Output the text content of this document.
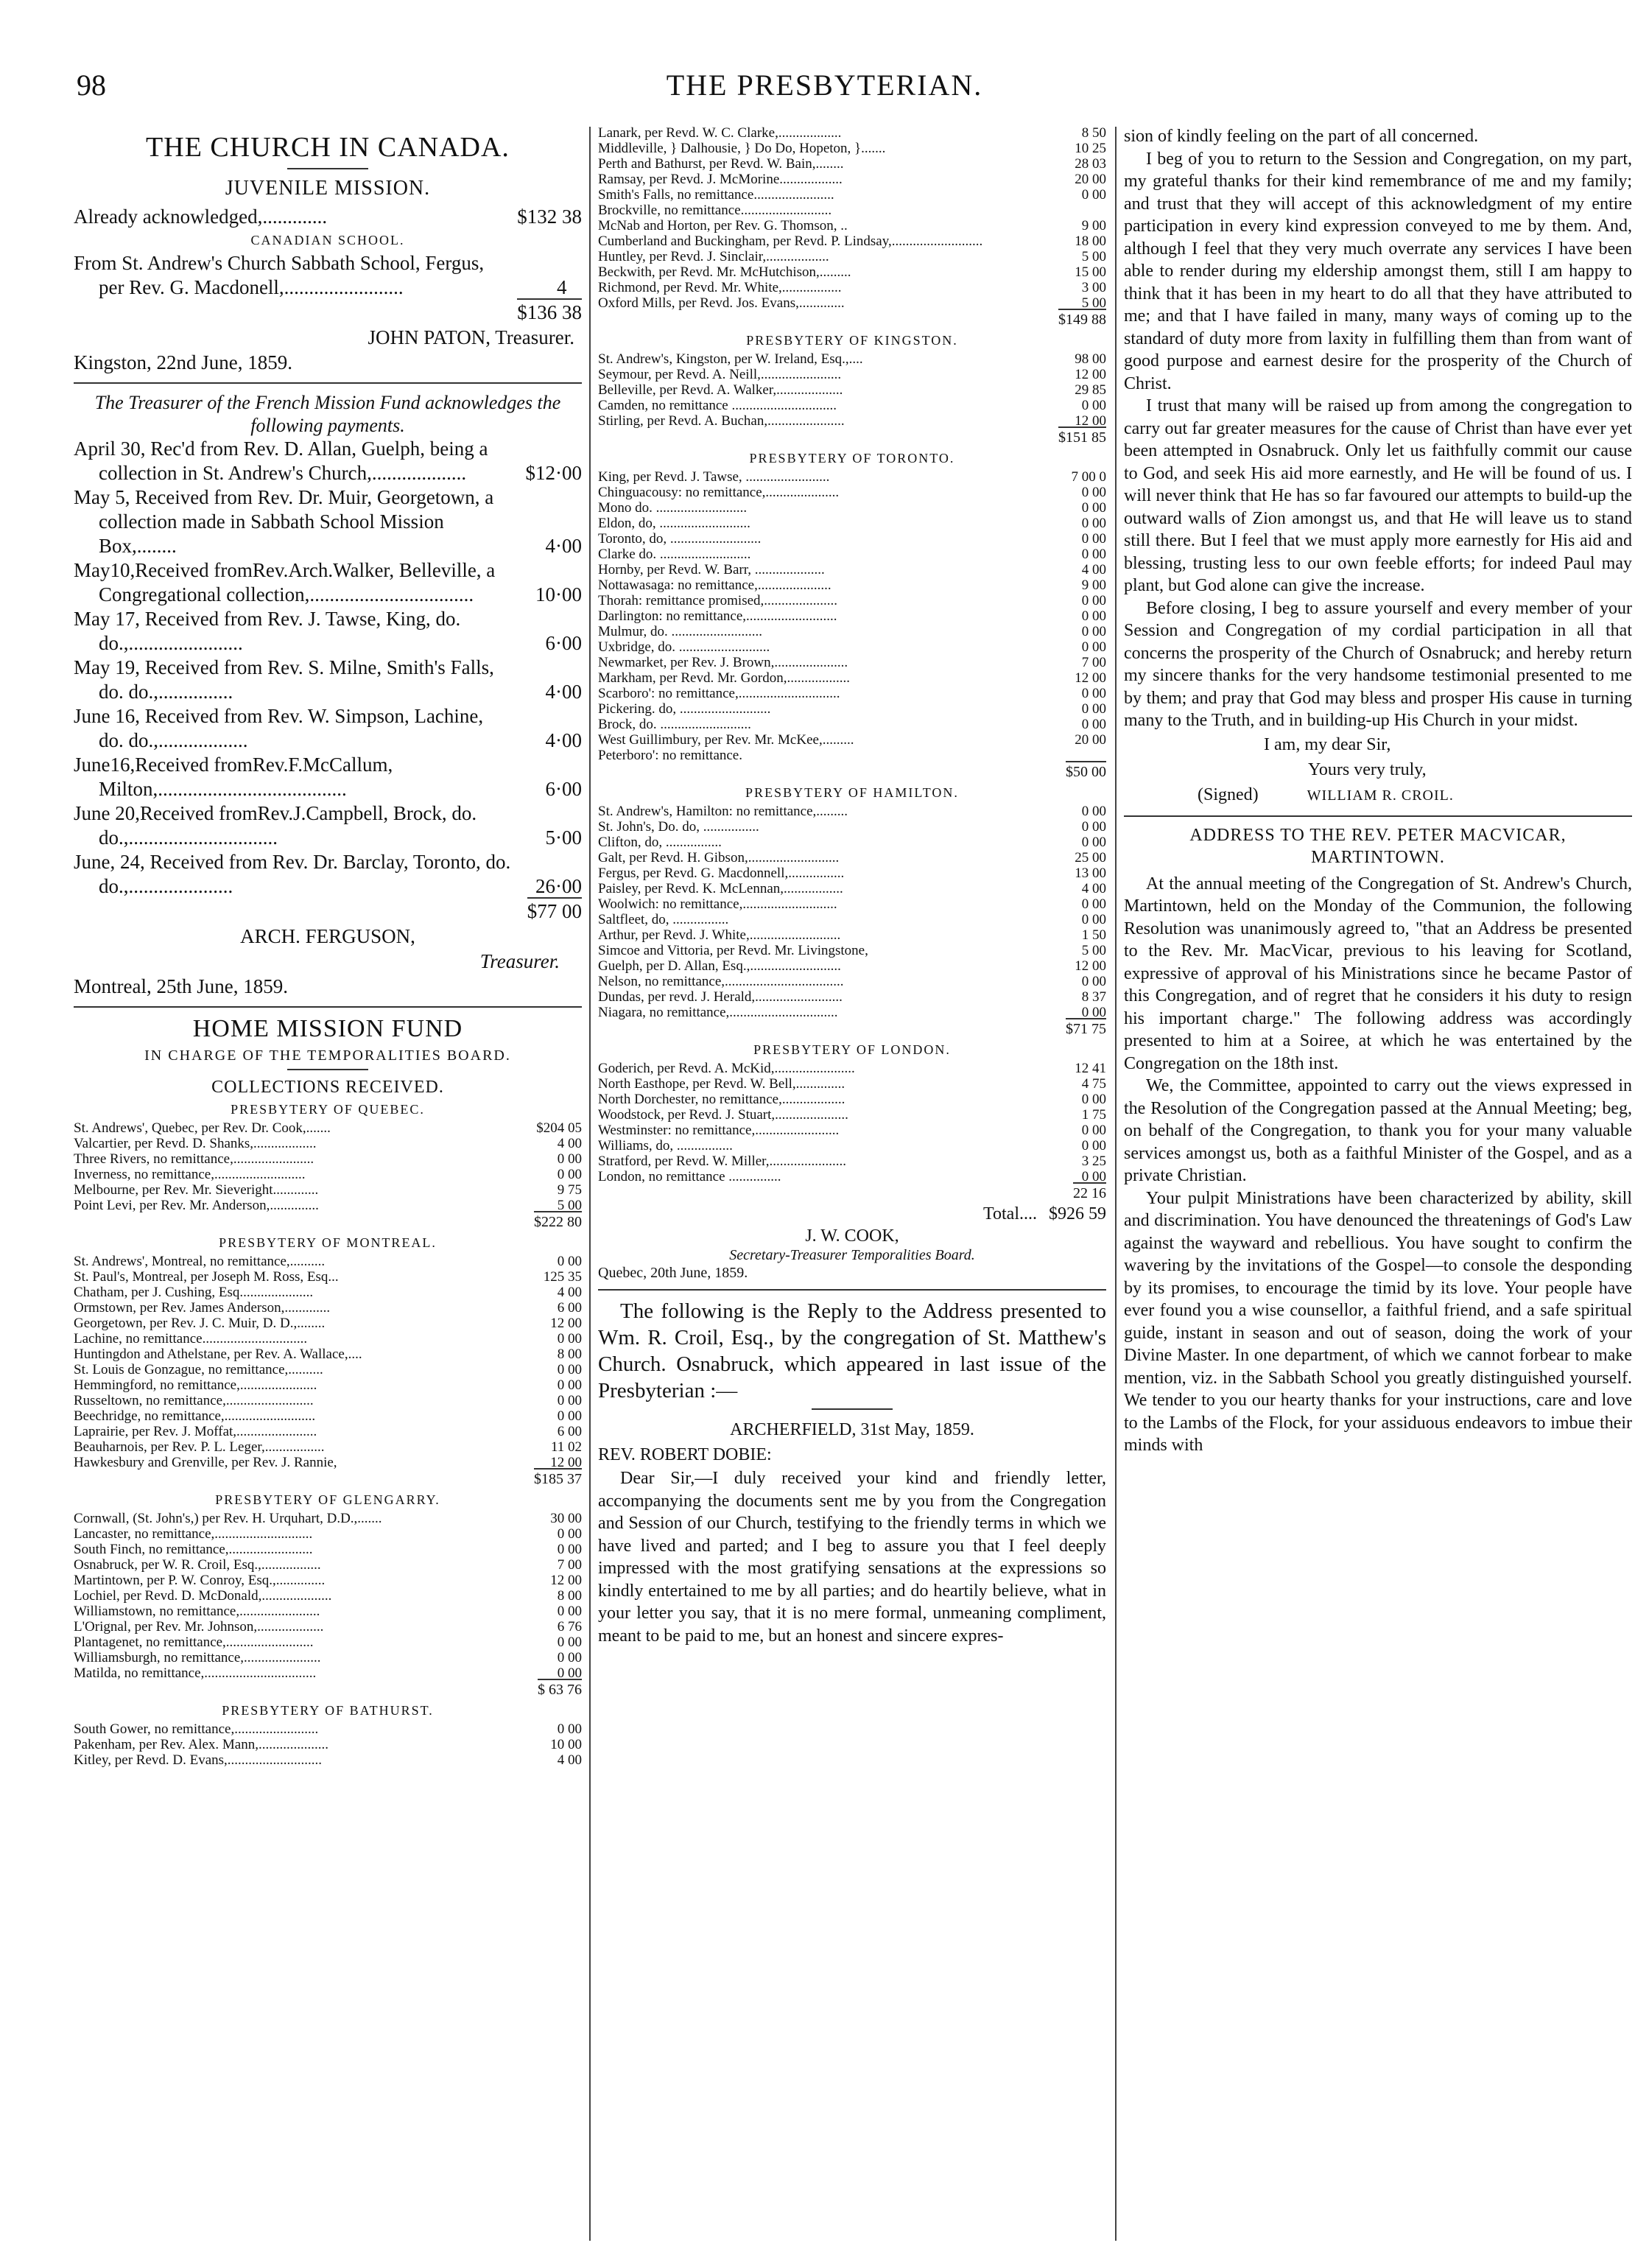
98	THE PRESBYTERIAN.
THE CHURCH IN CANADA.
JUVENILE MISSION.
Already acknowledged,.............	$132 38
CANADIAN SCHOOL.
From St. Andrew's Church Sabbath School, Fergus, per Rev. G. Macdonell,........................	4
$136 38
JOHN PATON, Treasurer.
Kingston, 22nd June, 1859.
The Treasurer of the French Mission Fund acknowledges the following payments.
April 30, Rec'd from Rev. D. Allan, Guelph, being a collection in St. Andrew's Church,...................	$12·00
May 5, Received from Rev. Dr. Muir, Georgetown, a collection made in Sabbath School Mission Box,........	4·00
May10,Received fromRev.Arch.Walker, Belleville, a Congregational collection,.................................	10·00
May 17, Received from Rev. J. Tawse, King, do. do.,.......................	6·00
May 19, Received from Rev. S. Milne, Smith's Falls, do. do.,...............	4·00
June 16, Received from Rev. W. Simpson, Lachine, do. do.,..................	4·00
June16,Received fromRev.F.McCallum, Milton,......................................	6·00
June 20,Received fromRev.J.Campbell, Brock, do. do.,..............................	5·00
June, 24, Received from Rev. Dr. Barclay, Toronto, do. do.,.....................	26·00
$77 00
ARCH. FERGUSON,
Treasurer.
Montreal, 25th June, 1859.
HOME MISSION FUND
IN CHARGE OF THE TEMPORALITIES BOARD.
COLLECTIONS RECEIVED.
PRESBYTERY OF QUEBEC.
St. Andrews', Quebec, per Rev. Dr. Cook,.......	$204 05
Valcartier, per Revd. D. Shanks,..................	4 00
Three Rivers, no remittance,.......................	0 00
Inverness, no remittance,..........................	0 00
Melbourne, per Rev. Mr. Sieveright.............	9 75
Point Levi, per Rev. Mr. Anderson,..............	5 00
$222 80
PRESBYTERY OF MONTREAL.
St. Andrews', Montreal, no remittance,..........	0 00
St. Paul's, Montreal, per Joseph M. Ross, Esq...	125 35
Chatham, per J. Cushing, Esq.....................	4 00
Ormstown, per Rev. James Anderson,.............	6 00
Georgetown, per Rev. J. C. Muir, D. D.,........	12 00
Lachine, no remittance..............................	0 00
Huntingdon and Athelstane, per Rev. A. Wallace,....	8 00
St. Louis de Gonzague, no remittance,..........	0 00
Hemmingford, no remittance,......................	0 00
Russeltown, no remittance,.........................	0 00
Beechridge, no remittance,..........................	0 00
Laprairie, per Rev. J. Moffat,.......................	6 00
Beauharnois, per Rev. P. L. Leger,.................	11 02
Hawkesbury and Grenville, per Rev. J. Rannie,	12 00
$185 37
PRESBYTERY OF GLENGARRY.
Cornwall, (St. John's,) per Rev. H. Urquhart, D.D.,.......	30 00
Lancaster, no remittance,............................	0 00
South Finch, no remittance,........................	0 00
Osnabruck, per W. R. Croil, Esq.,.................	7 00
Martintown, per P. W. Conroy, Esq.,..............	12 00
Lochiel, per Revd. D. McDonald,....................	8 00
Williamstown, no remittance,.......................	0 00
L'Orignal, per Rev. Mr. Johnson,...................	6 76
Plantagenet, no remittance,.........................	0 00
Williamsburgh, no remittance,......................	0 00
Matilda, no remittance,................................	0 00
$ 63 76
PRESBYTERY OF BATHURST.
South Gower, no remittance,........................	0 00
Pakenham, per Rev. Alex. Mann,....................	10 00
Kitley, per Revd. D. Evans,...........................	4 00
Lanark, per Revd. W. C. Clarke,..................	8 50
Middleville, } Dalhousie, } Do Do, Hopeton, }.......	10 25
Perth and Bathurst, per Revd. W. Bain,........	28 03
Ramsay, per Revd. J. McMorine..................	20 00
Smith's Falls, no remittance.......................	0 00
Brockville, no remittance..........................
McNab and Horton, per Rev. G. Thomson, ..	9 00
Cumberland and Buckingham, per Revd. P. Lindsay,..........................	18 00
Huntley, per Revd. J. Sinclair,..................	5 00
Beckwith, per Revd. Mr. McHutchison,.........	15 00
Richmond, per Revd. Mr. White,.................	3 00
Oxford Mills, per Revd. Jos. Evans,.............	5 00
$149 88
PRESBYTERY OF KINGSTON.
St. Andrew's, Kingston, per W. Ireland, Esq.,....	98 00
Seymour, per Revd. A. Neill,.......................	12 00
Belleville, per Revd. A. Walker,...................	29 85
Camden, no remittance ..............................	0 00
Stirling, per Revd. A. Buchan,......................	12 00
$151 85
PRESBYTERY OF TORONTO.
King, per Revd. J. Tawse, ........................	7 00 0
Chinguacousy: no remittance,.....................	0 00
Mono do. ..........................	0 00
Eldon, do, ..........................	0 00
Toronto, do, ..........................	0 00
Clarke do. ..........................	0 00
Hornby, per Revd. W. Barr, ....................	4 00
Nottawasaga: no remittance,.....................	9 00
Thorah: remittance promised,.....................	0 00
Darlington: no remittance,..........................	0 00
Mulmur, do. ..........................	0 00
Uxbridge, do. ..........................	0 00
Newmarket, per Rev. J. Brown,.....................	7 00
Markham, per Revd. Mr. Gordon,..................	12 00
Scarboro': no remittance,.............................	0 00
Pickering. do, ..........................	0 00
Brock, do. ..........................	0 00
West Guillimbury, per Rev. Mr. McKee,.........	20 00
Peterboro': no remittance.
$50 00
PRESBYTERY OF HAMILTON.
St. Andrew's, Hamilton: no remittance,.........	0 00
St. John's, Do. do, ................	0 00
Clifton, do, ................	0 00
Galt, per Revd. H. Gibson,..........................	25 00
Fergus, per Revd. G. Macdonnell,................	13 00
Paisley, per Revd. K. McLennan,.................	4 00
Woolwich: no remittance,...........................	0 00
Saltfleet, do, ................	0 00
Arthur, per Revd. J. White,..........................	1 50
Simcoe and Vittoria, per Revd. Mr. Livingstone,	5 00
Guelph, per D. Allan, Esq.,..........................	12 00
Nelson, no remittance,..................................	0 00
Dundas, per revd. J. Herald,.........................	8 37
Niagara, no remittance,...............................	0 00
$71 75
PRESBYTERY OF LONDON.
Goderich, per Revd. A. McKid,.......................	12 41
North Easthope, per Revd. W. Bell,..............	4 75
North Dorchester, no remittance,..................	0 00
Woodstock, per Revd. J. Stuart,.....................	1 75
Westminster: no remittance,........................	0 00
Williams, do, ................	0 00
Stratford, per Revd. W. Miller,......................	3 25
London, no remittance ...............	0 00
22 16
Total.... $926 59
J. W. COOK,
Secretary-Treasurer Temporalities Board.
Quebec, 20th June, 1859.

The following is the Reply to the Address presented to Wm. R. Croil, Esq., by the congregation of St. Matthew's Church. Osnabruck, which appeared in last issue of the Presbyterian :—

ARCHERFIELD, 31st May, 1859.
REV. ROBERT DOBIE:

Dear Sir,—I duly received your kind and friendly letter, accompanying the documents sent me by you from the Congregation and Session of our Church, testifying to the friendly terms in which we have lived and parted; and I beg to assure you that I feel deeply impressed with the most gratifying sensations at the expressions so kindly entertained to me by all parties; and do heartily believe, what in your letter you say, that it is no mere formal, unmeaning compliment, meant to be paid to me, but an honest and sincere expres-

sion of kindly feeling on the part of all concerned.

I beg of you to return to the Session and Congregation, on my part, my grateful thanks for their kind remembrance of me and my family; and trust that they will accept of this acknowledgment of my entire participation in every kind expression conveyed to me by them. And, although I feel that they very much overrate any services I have been able to render during my eldership amongst them, still I am happy to think that it has been in my heart to do all that they have attributed to me; and that I have failed in many, many ways of coming up to the standard of duty more from laxity in fulfilling them than from want of good purpose and earnest desire for the prosperity of the Church of Christ.

I trust that many will be raised up from among the congregation to carry out far greater measures for the cause of Christ than have ever yet been attempted in Osnabruck. Only let us faithfully commit our cause to God, and seek His aid more earnestly, and He will be found of us. I will never think that He has so far favoured our attempts to build-up the outward walls of Zion amongst us, and that He will leave us to stand still there. But I feel that we must apply more earnestly for His aid and blessing, trusting less to our own feeble efforts; for indeed Paul may plant, but God alone can give the increase.

Before closing, I beg to assure yourself and every member of your Session and Congregation of my cordial participation in all that concerns the prosperity of the Church of Osnabruck; and hereby return my sincere thanks for the very handsome testimonial presented to me by them; and pray that God may bless and prosper His cause in turning many to the Truth, and in building-up His Church in your midst.

I am, my dear Sir,
Yours very truly,
(Signed)	WILLIAM R. CROIL.
ADDRESS TO THE REV. PETER MACVICAR, MARTINTOWN.

At the annual meeting of the Congregation of St. Andrew's Church, Martintown, held on the Monday of the Communion, the following Resolution was unanimously agreed to, "that an Address be presented to the Rev. Mr. MacVicar, previous to his leaving for Scotland, expressive of approval of his Ministrations since he became Pastor of this Congregation, and of regret that he considers it his duty to resign his important charge." The following address was accordingly presented to him at a Soiree, at which he was entertained by the Congregation on the 18th inst.

We, the Committee, appointed to carry out the views expressed in the Resolution of the Congregation passed at the Annual Meeting; beg, on behalf of the Congregation, to thank you for your many valuable services amongst us, both as a faithful Minister of the Gospel, and as a private Christian.

Your pulpit Ministrations have been characterized by ability, skill and discrimination. You have denounced the threatenings of God's Law against the wayward and rebellious. You have sought to confirm the wavering by the invitations of the Gospel—to console the desponding by its promises, to encourage the timid by its love. Your people have ever found you a wise counsellor, a faithful friend, and a safe spiritual guide, instant in season and out of season, doing the work of your Divine Master. In one department, of which we cannot forbear to make mention, viz. in the Sabbath School you greatly distinguished yourself. We tender to you our hearty thanks for your instructions, care and love to the Lambs of the Flock, for your assiduous endeavors to imbue their minds with
